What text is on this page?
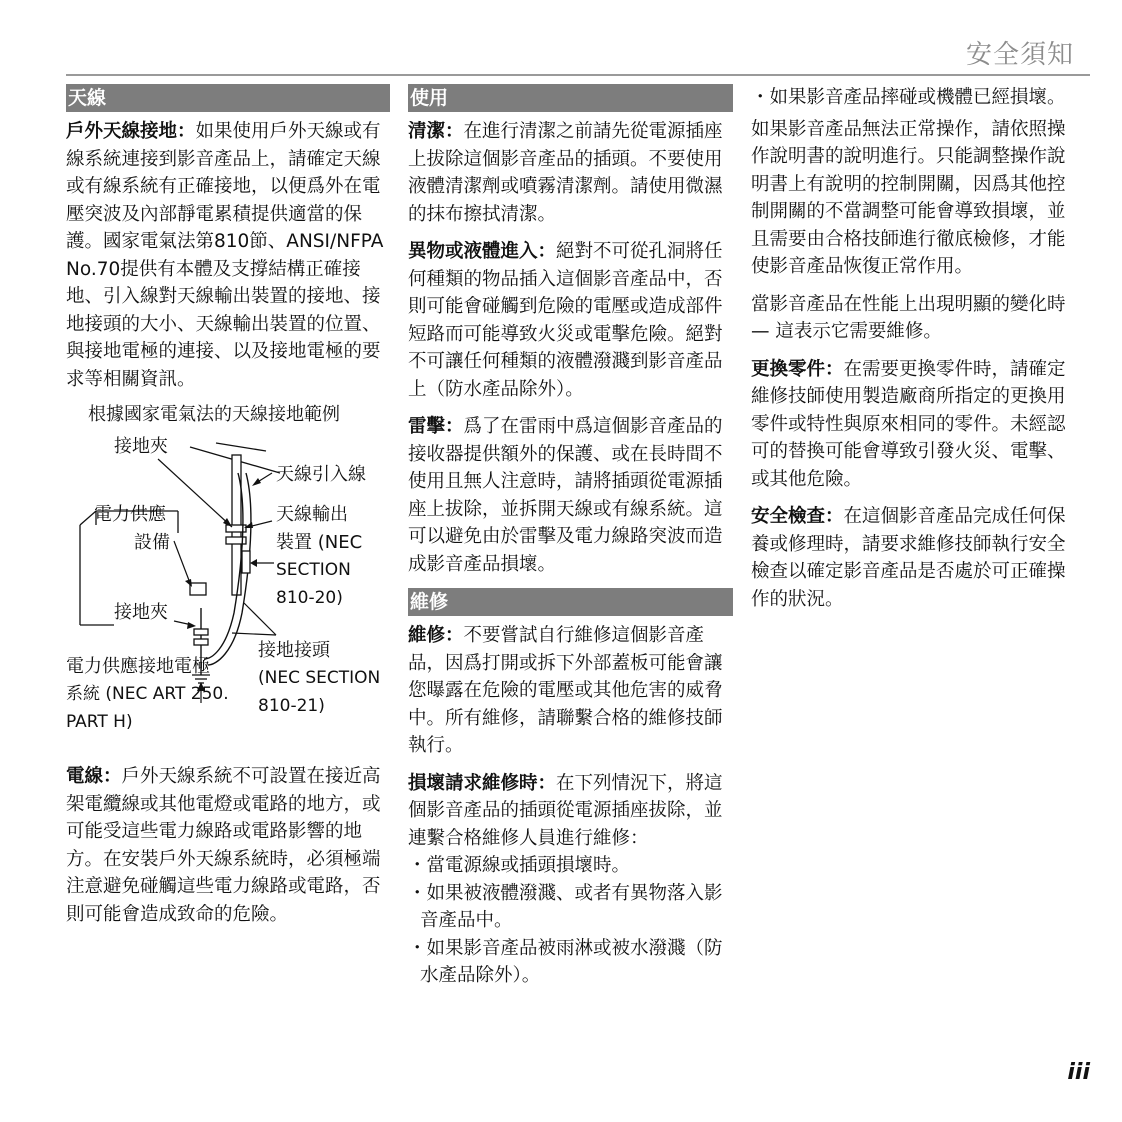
安全須知
天線

戶外天線接地：如果使用戶外天線或有線系統連接到影音產品上，請確定天線或有線系統有正確接地，以便爲外在電壓突波及內部靜電累積提供適當的保護。國家電氣法第810節、ANSI/NFPA No.70提供有本體及支撐結構正確接地、引入線對天線輸出裝置的接地、接地接頭的大小、天線輸出裝置的位置、與接地電極的連接、以及接地電極的要求等相關資訊。

根據國家電氣法的天線接地範例
接地夾
天線引入線
電力供應
設備
天線輸出
裝置 (NEC
SECTION
810-20)
接地夾
接地接頭
(NEC SECTION
810-21)
電力供應接地電極
系統 (NEC ART 250.
PART H)

電線：戶外天線系統不可設置在接近高架電纜線或其他電燈或電路的地方，或可能受這些電力線路或電路影響的地方。在安裝戶外天線系統時，必須極端注意避免碰觸這些電力線路或電路，否則可能會造成致命的危險。

使用

清潔：在進行清潔之前請先從電源插座上拔除這個影音產品的插頭。不要使用液體清潔劑或噴霧清潔劑。請使用微濕的抹布擦拭清潔。

異物或液體進入：絕對不可從孔洞將任何種類的物品插入這個影音產品中，否則可能會碰觸到危險的電壓或造成部件短路而可能導致火災或電擊危險。絕對不可讓任何種類的液體潑濺到影音產品上（防水產品除外）。

雷擊：爲了在雷雨中爲這個影音產品的接收器提供額外的保護、或在長時間不使用且無人注意時，請將插頭從電源插座上拔除，並拆開天線或有線系統。這可以避免由於雷擊及電力線路突波而造成影音產品損壞。

維修

維修：不要嘗試自行維修這個影音產品，因爲打開或拆下外部蓋板可能會讓您曝露在危險的電壓或其他危害的威脅中。所有維修，請聯繫合格的維修技師執行。

損壞請求維修時：在下列情況下，將這個影音產品的插頭從電源插座拔除，並連繫合格維修人員進行維修：

・當電源線或插頭損壞時。
・如果被液體潑濺、或者有異物落入影音產品中。
・如果影音產品被雨淋或被水潑濺（防水產品除外）。
・如果影音產品摔碰或機體已經損壞。

如果影音產品無法正常操作，請依照操作說明書的說明進行。只能調整操作說明書上有說明的控制開關，因爲其他控制開關的不當調整可能會導致損壞，並且需要由合格技師進行徹底檢修，才能使影音產品恢復正常作用。

當影音產品在性能上出現明顯的變化時 — 這表示它需要維修。

更換零件：在需要更換零件時，請確定維修技師使用製造廠商所指定的更換用零件或特性與原來相同的零件。未經認可的替換可能會導致引發火災、電擊、或其他危險。

安全檢查：在這個影音產品完成任何保養或修理時，請要求維修技師執行安全檢查以確定影音產品是否處於可正確操作的狀況。

iii
